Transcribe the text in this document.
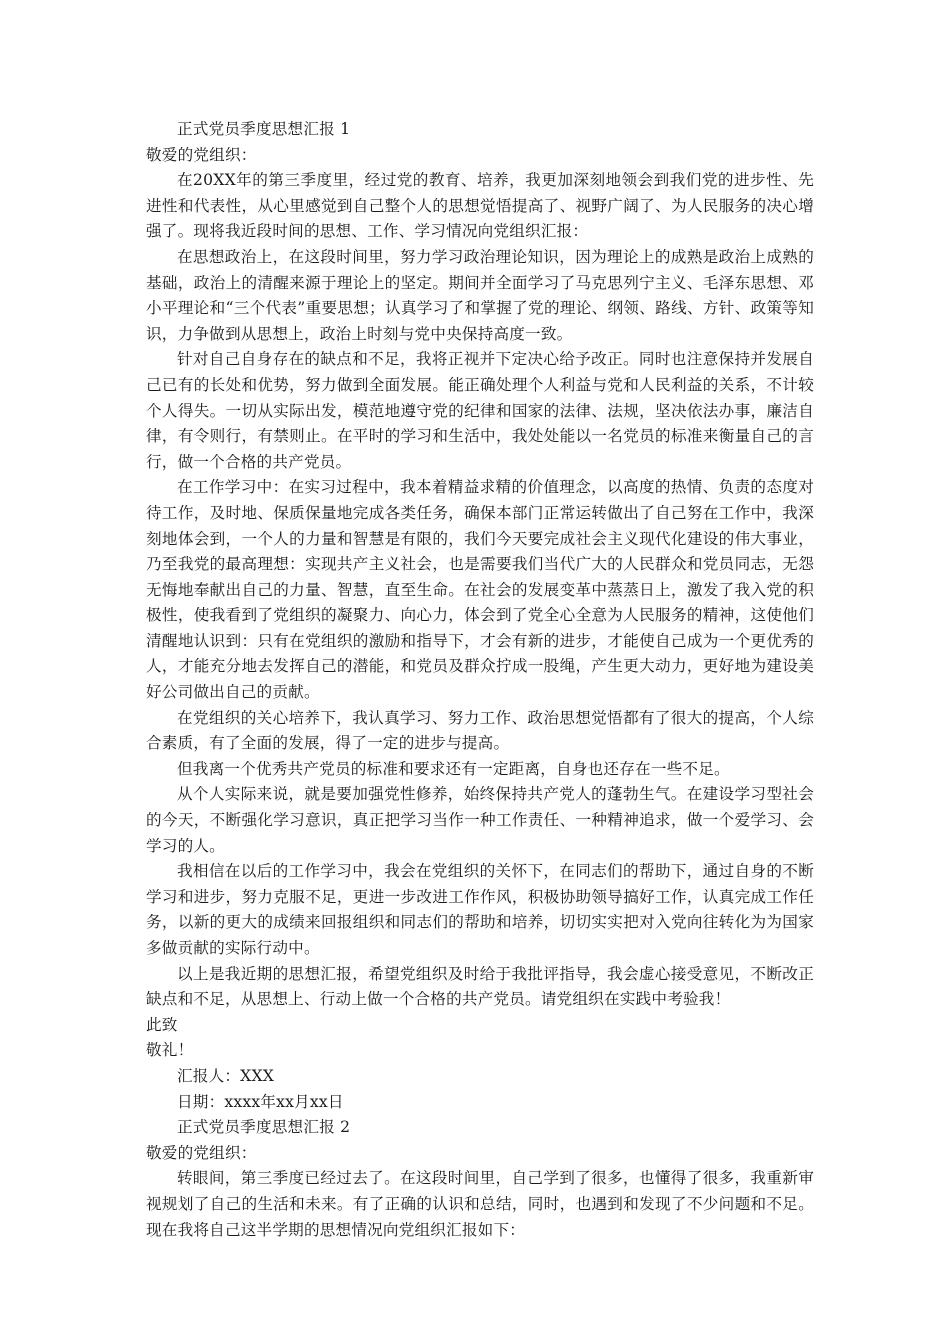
正式党员季度思想汇报 1

敬爱的党组织：

在20XX年的第三季度里，经过党的教育、培养，我更加深刻地领会到我们党的进步性、先进性和代表性，从心里感觉到自己整个人的思想觉悟提高了、视野广阔了、为人民服务的决心增强了。现将我近段时间的思想、工作、学习情况向党组织汇报：

在思想政治上，在这段时间里，努力学习政治理论知识，因为理论上的成熟是政治上成熟的基础，政治上的清醒来源于理论上的坚定。期间并全面学习了马克思列宁主义、毛泽东思想、邓小平理论和“三个代表”重要思想；认真学习了和掌握了党的理论、纲领、路线、方针、政策等知识，力争做到从思想上，政治上时刻与党中央保持高度一致。

针对自己自身存在的缺点和不足，我将正视并下定决心给予改正。同时也注意保持并发展自己已有的长处和优势，努力做到全面发展。能正确处理个人利益与党和人民利益的关系，不计较个人得失。一切从实际出发，模范地遵守党的纪律和国家的法律、法规，坚决依法办事，廉洁自律，有令则行，有禁则止。在平时的学习和生活中，我处处能以一名党员的标准来衡量自己的言行，做一个合格的共产党员。

在工作学习中：在实习过程中，我本着精益求精的价值理念，以高度的热情、负责的态度对待工作，及时地、保质保量地完成各类任务，确保本部门正常运转做出了自己努在工作中，我深刻地体会到，一个人的力量和智慧是有限的，我们今天要完成社会主义现代化建设的伟大事业，乃至我党的最高理想：实现共产主义社会，也是需要我们当代广大的人民群众和党员同志，无怨无悔地奉献出自己的力量、智慧，直至生命。在社会的发展变革中蒸蒸日上，激发了我入党的积极性，使我看到了党组织的凝聚力、向心力，体会到了党全心全意为人民服务的精神，这使他们清醒地认识到：只有在党组织的激励和指导下，才会有新的进步，才能使自己成为一个更优秀的人，才能充分地去发挥自己的潜能，和党员及群众拧成一股绳，产生更大动力，更好地为建设美好公司做出自己的贡献。

在党组织的关心培养下，我认真学习、努力工作、政治思想觉悟都有了很大的提高，个人综合素质，有了全面的发展，得了一定的进步与提高。

但我离一个优秀共产党员的标准和要求还有一定距离，自身也还存在一些不足。

从个人实际来说，就是要加强党性修养，始终保持共产党人的蓬勃生气。在建设学习型社会的今天，不断强化学习意识，真正把学习当作一种工作责任、一种精神追求，做一个爱学习、会学习的人。

我相信在以后的工作学习中，我会在党组织的关怀下，在同志们的帮助下，通过自身的不断学习和进步，努力克服不足，更进一步改进工作作风，积极协助领导搞好工作，认真完成工作任务，以新的更大的成绩来回报组织和同志们的帮助和培养，切切实实把对入党向往转化为为国家多做贡献的实际行动中。

以上是我近期的思想汇报，希望党组织及时给于我批评指导，我会虚心接受意见，不断改正缺点和不足，从思想上、行动上做一个合格的共产党员。请党组织在实践中考验我！

此致

敬礼！

汇报人：XXX

日期：xxxx年xx月xx日

正式党员季度思想汇报 2

敬爱的党组织：

转眼间，第三季度已经过去了。在这段时间里，自己学到了很多，也懂得了很多，我重新审视规划了自己的生活和未来。有了正确的认识和总结，同时，也遇到和发现了不少问题和不足。现在我将自己这半学期的思想情况向党组织汇报如下：
